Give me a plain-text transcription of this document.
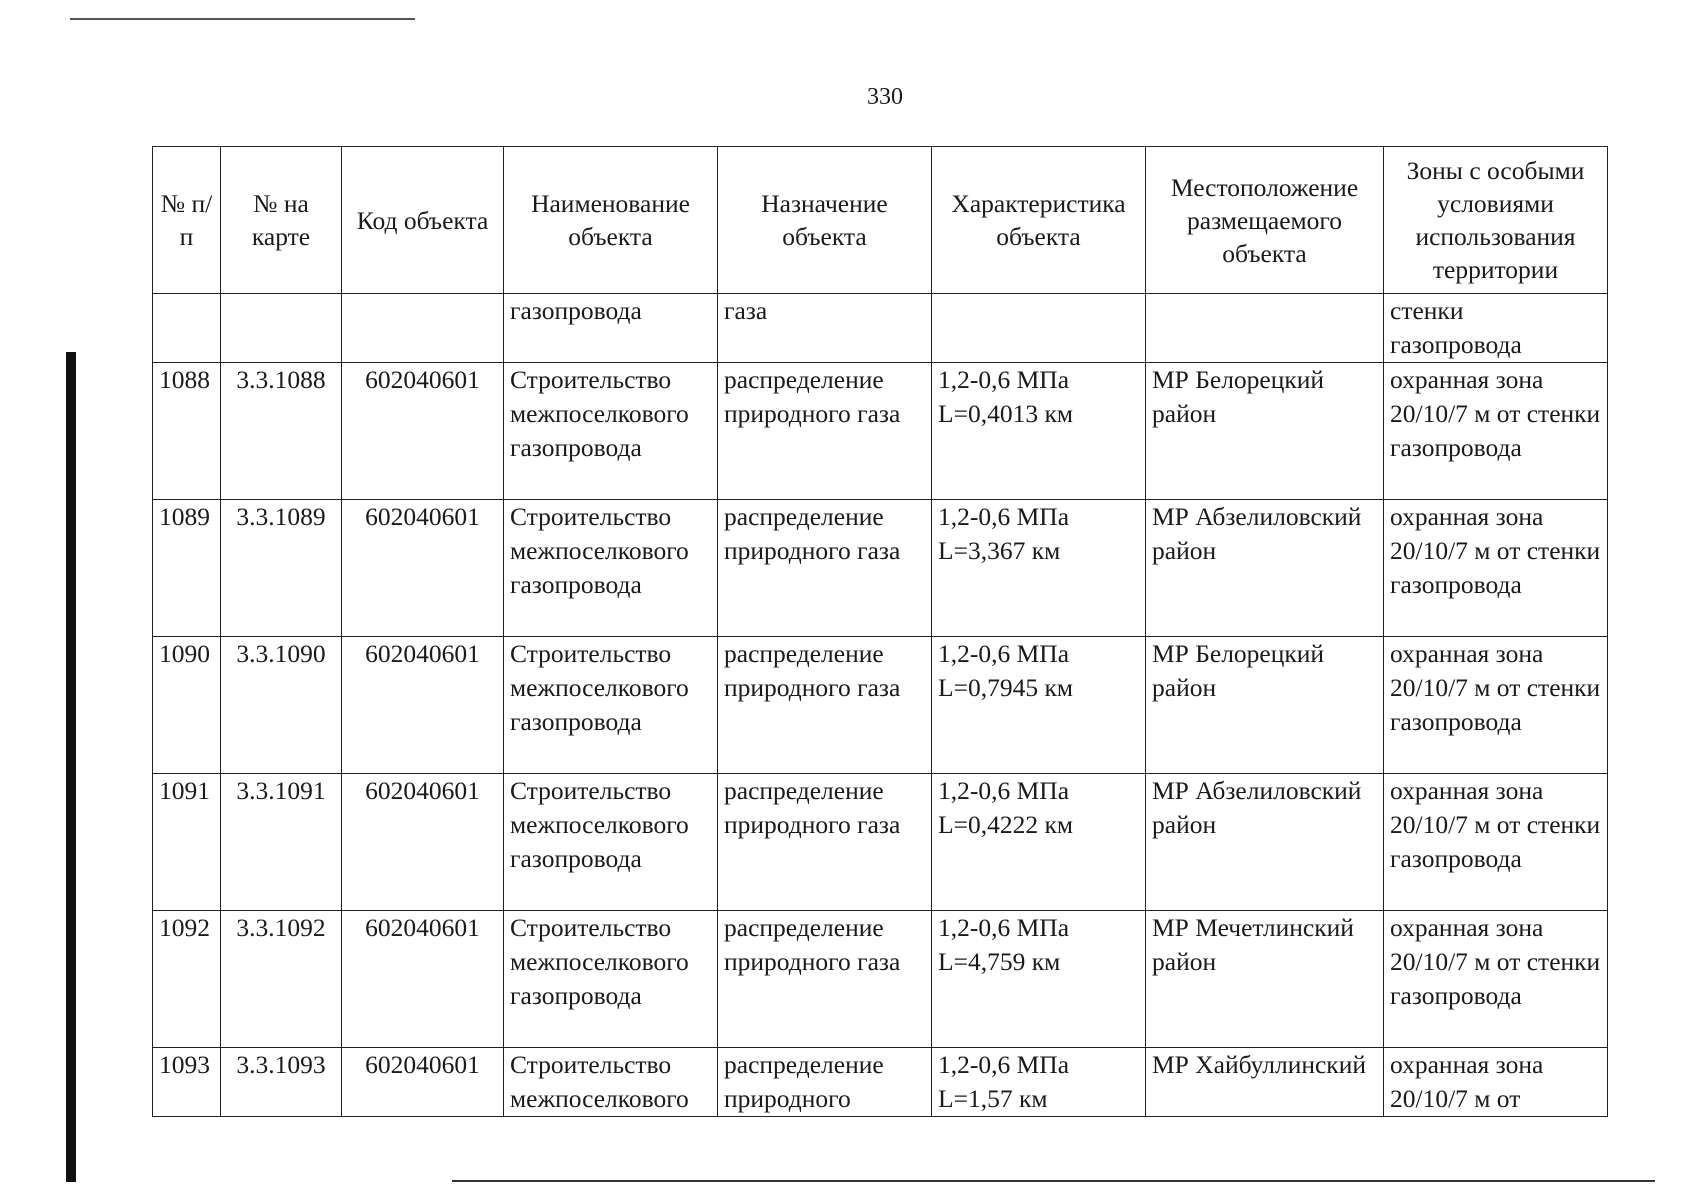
330
№ п/п	№ на карте	Код объекта	Наименование объекта	Назначение объекта	Характеристика объекта	Местоположение размещаемого объекта	Зоны с особыми условиями использования территории
			газопровода	газа			стенки газопровода
1088	3.3.1088	602040601	Строительство межпоселкового газопровода	распределение природного газа	1,2-0,6 МПа L=0,4013 км	МР Белорецкий район	охранная зона 20/10/7 м от стенки газопровода
1089	3.3.1089	602040601	Строительство межпоселкового газопровода	распределение природного газа	1,2-0,6 МПа L=3,367 км	МР Абзелиловский район	охранная зона 20/10/7 м от стенки газопровода
1090	3.3.1090	602040601	Строительство межпоселкового газопровода	распределение природного газа	1,2-0,6 МПа L=0,7945 км	МР Белорецкий район	охранная зона 20/10/7 м от стенки газопровода
1091	3.3.1091	602040601	Строительство межпоселкового газопровода	распределение природного газа	1,2-0,6 МПа L=0,4222 км	МР Абзелиловский район	охранная зона 20/10/7 м от стенки газопровода
1092	3.3.1092	602040601	Строительство межпоселкового газопровода	распределение природного газа	1,2-0,6 МПа L=4,759 км	МР Мечетлинский район	охранная зона 20/10/7 м от стенки газопровода
1093	3.3.1093	602040601	Строительство межпоселкового	распределение природного	1,2-0,6 МПа L=1,57 км	МР Хайбуллинский	охранная зона 20/10/7 м от
